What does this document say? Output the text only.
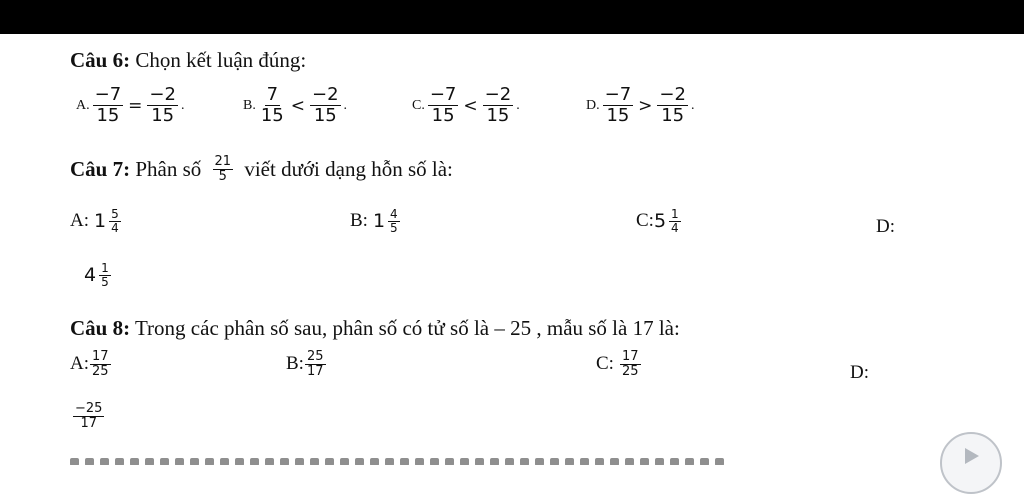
Câu 6: Chọn kết luận đúng:
A. $\frac{-7}{15} = \frac{-2}{15}$ .	B. $\frac{7}{15} < \frac{-2}{15}$ .	C. $\frac{-7}{15} < \frac{-2}{15}$ .	D. $\frac{-7}{15} > \frac{-2}{15}$ .
Câu 7: Phân số $\frac{21}{5}$ viết dưới dạng hỗn số là:
A: $1 \frac{5}{4}$	B: $1 \frac{4}{5}$	C: $5 \frac{1}{4}$	D:
$4 \frac{1}{5}$
Câu 8: Trong các phân số sau, phân số có tử số là – 25 , mẫu số là 17 là:
A: $\frac{17}{25}$	B: $\frac{25}{17}$	C: $\frac{17}{25}$	D:
$\frac{-25}{17}$
